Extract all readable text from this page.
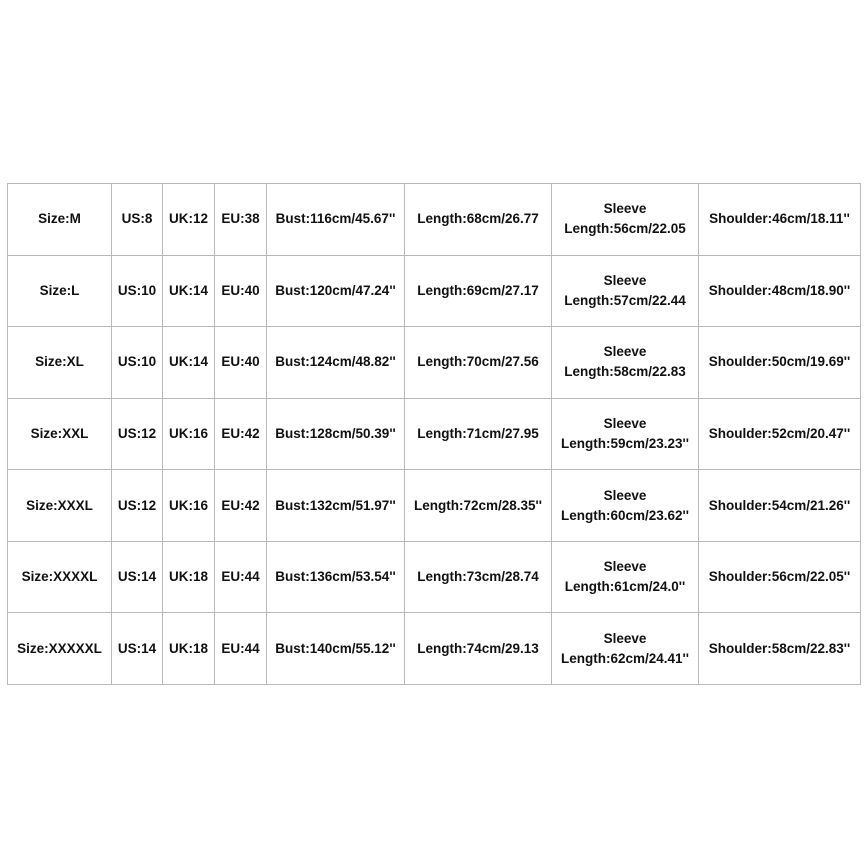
Size:M	US:8	UK:12	EU:38	Bust:116cm/45.67''	Length:68cm/26.77	Sleeve
Length:56cm/22.05	Shoulder:46cm/18.11''
Size:L	US:10	UK:14	EU:40	Bust:120cm/47.24''	Length:69cm/27.17	Sleeve
Length:57cm/22.44	Shoulder:48cm/18.90''
Size:XL	US:10	UK:14	EU:40	Bust:124cm/48.82''	Length:70cm/27.56	Sleeve
Length:58cm/22.83	Shoulder:50cm/19.69''
Size:XXL	US:12	UK:16	EU:42	Bust:128cm/50.39''	Length:71cm/27.95	Sleeve
Length:59cm/23.23''	Shoulder:52cm/20.47''
Size:XXXL	US:12	UK:16	EU:42	Bust:132cm/51.97''	Length:72cm/28.35''	Sleeve
Length:60cm/23.62''	Shoulder:54cm/21.26''
Size:XXXXL	US:14	UK:18	EU:44	Bust:136cm/53.54''	Length:73cm/28.74	Sleeve
Length:61cm/24.0''	Shoulder:56cm/22.05''
Size:XXXXXL	US:14	UK:18	EU:44	Bust:140cm/55.12''	Length:74cm/29.13	Sleeve
Length:62cm/24.41''	Shoulder:58cm/22.83''
